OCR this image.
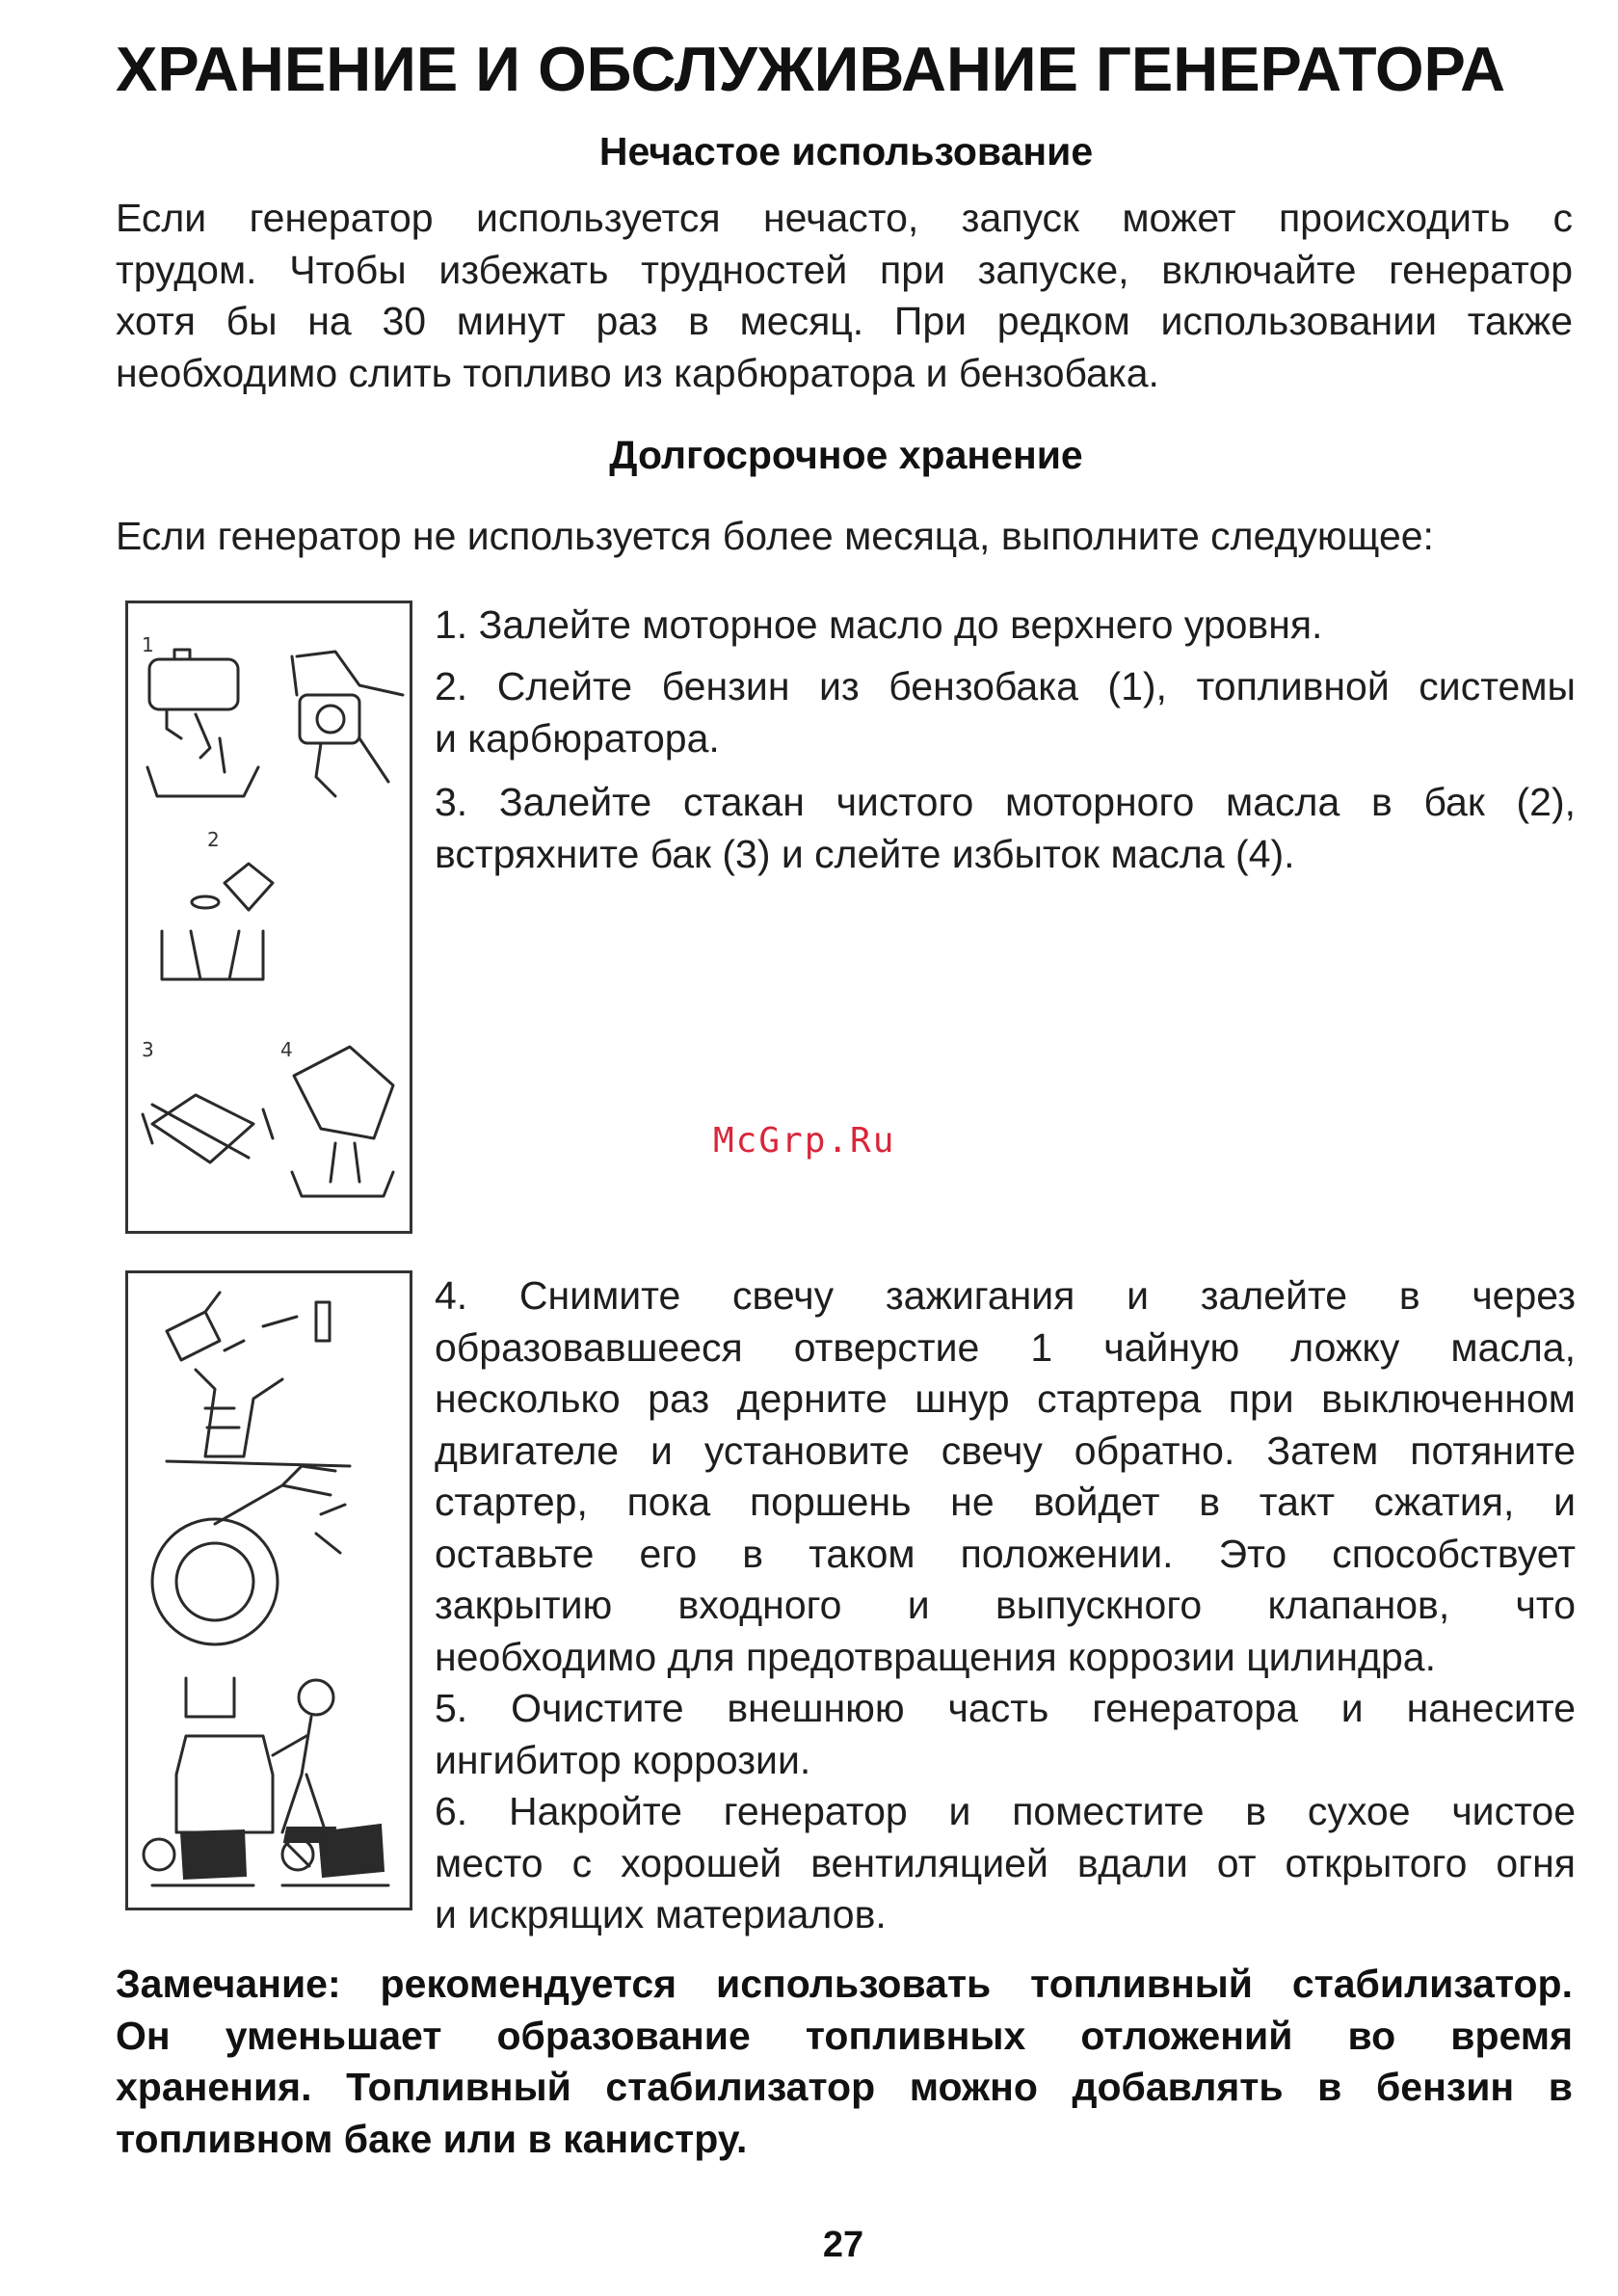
ХРАНЕНИЕ И ОБСЛУЖИВАНИЕ ГЕНЕРАТОРА
Нечастое использование
Если генератор используется нечасто, запуск может происходить с
трудом. Чтобы избежать трудностей при запуске, включайте генератор
хотя бы на 30 минут раз в месяц. При редком использовании также
необходимо слить топливо из карбюратора и бензобака.
Долгосрочное хранение
Если генератор не используется более месяца, выполните следующее:
1
2
3	4
1. Залейте моторное масло до верхнего уровня.
2. Слейте бензин из бензобака (1), топливной системы
и карбюратора.
3. Залейте стакан чистого моторного масла в бак (2),
встряхните бак (3) и слейте избыток масла (4).
McGrp.Ru
4. Снимите свечу зажигания и залейте в через
образовавшееся отверстие 1 чайную ложку масла,
несколько раз дерните шнур стартера при выключенном
двигателе и установите свечу обратно. Затем потяните
стартер, пока поршень не войдет в такт сжатия, и
оставьте его в таком положении. Это способствует
закрытию входного и выпускного клапанов, что
необходимо для предотвращения коррозии цилиндра.
5. Очистите внешнюю часть генератора и нанесите
ингибитор коррозии.
6. Накройте генератор и поместите в сухое чистое
место с хорошей вентиляцией вдали от открытого огня
и искрящих материалов.
Замечание: рекомендуется использовать топливный стабилизатор.
Он уменьшает образование топливных отложений во время
хранения. Топливный стабилизатор можно добавлять в бензин в
топливном баке или в канистру.
27
